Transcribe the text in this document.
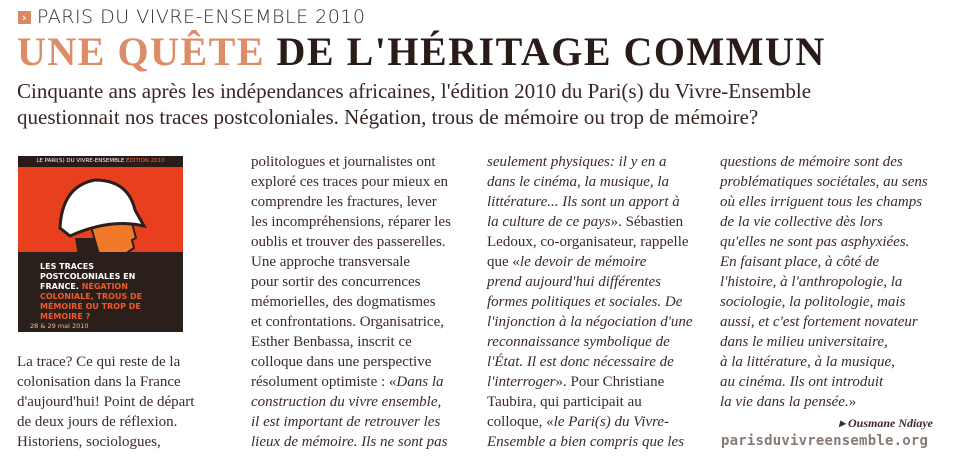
› PARIS DU VIVRE-ENSEMBLE 2010
UNE QUÊTE DE L'HÉRITAGE COMMUN
Cinquante ans après les indépendances africaines, l'édition 2010 du Pari(s) du Vivre-Ensemble
questionnait nos traces postcoloniales. Négation, trous de mémoire ou trop de mémoire?
LE PARI(S) DU VIVRE-ENSEMBLE ÉDITION 2010
LES TRACES POSTCOLONIALES EN FRANCE. NÉGATION COLONIALE, TROUS DE MÉMOIRE OU TROP DE MÉMOIRE ?
28 & 29 mai 2010
La trace? Ce qui reste de la
colonisation dans la France
d'aujourd'hui! Point de départ
de deux jours de réflexion.
Historiens, sociologues,
politologues et journalistes ont
exploré ces traces pour mieux en
comprendre les fractures, lever
les incompréhensions, réparer les
oublis et trouver des passerelles.
Une approche transversale
pour sortir des concurrences
mémorielles, des dogmatismes
et confrontations. Organisatrice,
Esther Benbassa, inscrit ce
colloque dans une perspective
résolument optimiste : «Dans la
construction du vivre ensemble,
il est important de retrouver les
lieux de mémoire. Ils ne sont pas
seulement physiques: il y en a
dans le cinéma, la musique, la
littérature... Ils sont un apport à
la culture de ce pays». Sébastien
Ledoux, co-organisateur, rappelle
que «le devoir de mémoire
prend aujourd'hui différentes
formes politiques et sociales. De
l'injonction à la négociation d'une
reconnaissance symbolique de
l'État. Il est donc nécessaire de
l'interroger». Pour Christiane
Taubira, qui participait au
colloque, «le Pari(s) du Vivre-
Ensemble a bien compris que les
questions de mémoire sont des
problématiques sociétales, au sens
où elles irriguent tous les champs
de la vie collective dès lors
qu'elles ne sont pas asphyxiées.
En faisant place, à côté de
l'histoire, à l'anthropologie, la
sociologie, la politologie, mais
aussi, et c'est fortement novateur
dans le milieu universitaire,
à la littérature, à la musique,
au cinéma. Ils ont introduit
la vie dans la pensée.»
▸ Ousmane Ndiaye
parisduvivreensemble.org
